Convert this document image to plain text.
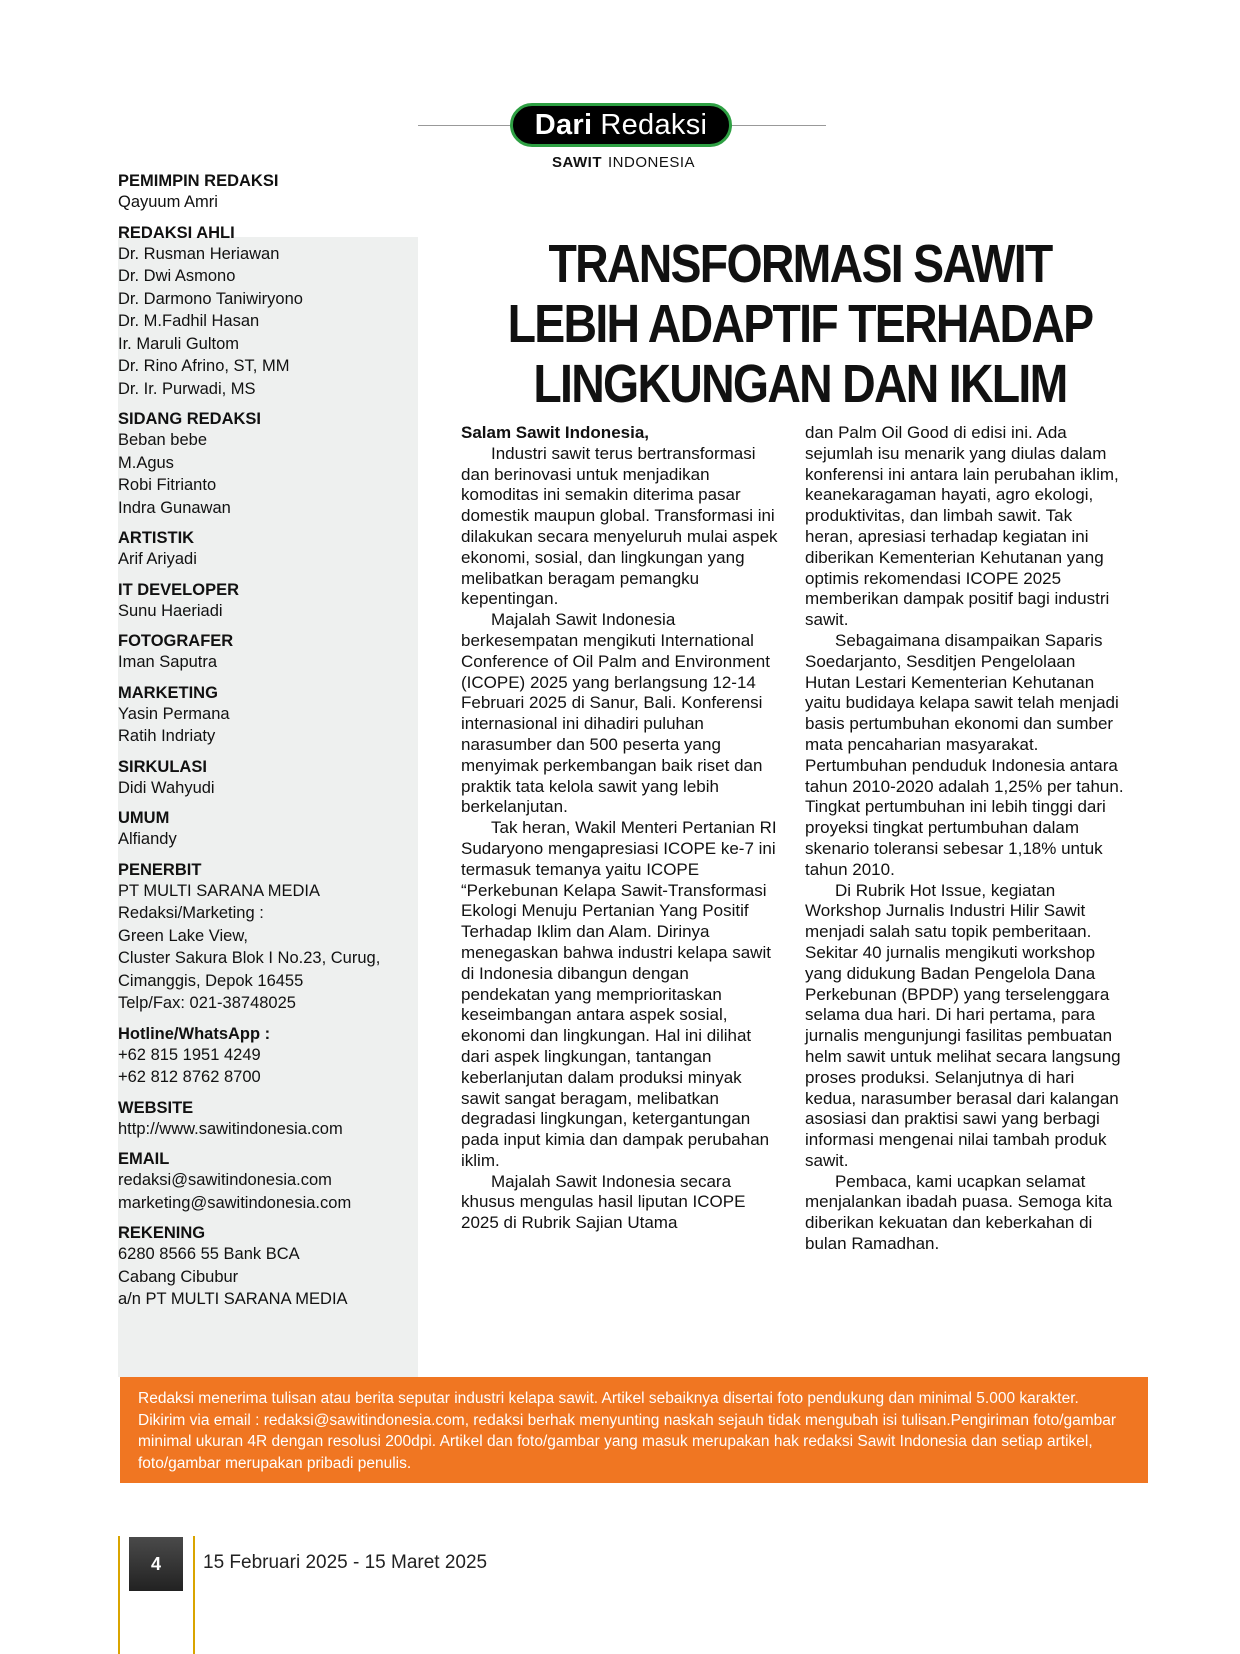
Dari Redaksi
SAWIT INDONESIA
PEMIMPIN REDAKSI
Qayuum Amri
REDAKSI AHLI
Dr. Rusman Heriawan
Dr. Dwi Asmono
Dr. Darmono Taniwiryono
Dr. M.Fadhil Hasan
Ir. Maruli Gultom
Dr. Rino Afrino, ST, MM
Dr. Ir. Purwadi, MS
SIDANG REDAKSI
Beban bebe
M.Agus
Robi Fitrianto
Indra Gunawan
ARTISTIK
Arif Ariyadi
IT DEVELOPER
Sunu Haeriadi
FOTOGRAFER
Iman Saputra
MARKETING
Yasin Permana
Ratih Indriaty
SIRKULASI
Didi Wahyudi
UMUM
Alfiandy
PENERBIT
PT MULTI SARANA MEDIA
Redaksi/Marketing :
Green Lake View,
Cluster Sakura Blok I No.23, Curug,
Cimanggis, Depok 16455
Telp/Fax: 021-38748025
Hotline/WhatsApp :
+62 815 1951 4249
+62 812 8762 8700
WEBSITE
http://www.sawitindonesia.com
EMAIL
redaksi@sawitindonesia.com
marketing@sawitindonesia.com
REKENING
6280 8566 55 Bank BCA
Cabang Cibubur
a/n PT MULTI SARANA MEDIA
TRANSFORMASI SAWIT
LEBIH ADAPTIF TERHADAP
LINGKUNGAN DAN IKLIM

Salam Sawit Indonesia,

Industri sawit terus bertransformasi dan berinovasi untuk menjadikan komoditas ini semakin diterima pasar domestik maupun global. Transformasi ini dilakukan secara menyeluruh mulai aspek ekonomi, sosial, dan lingkungan yang melibatkan beragam pemangku kepentingan.

Majalah Sawit Indonesia berkesempatan mengikuti International Conference of Oil Palm and Environment (ICOPE) 2025 yang berlangsung 12-14 Februari 2025 di Sanur, Bali. Konferensi internasional ini dihadiri puluhan narasumber dan 500 peserta yang menyimak perkembangan baik riset dan praktik tata kelola sawit yang lebih berkelanjutan.

Tak heran, Wakil Menteri Pertanian RI Sudaryono mengapresiasi ICOPE ke-7 ini termasuk temanya yaitu ICOPE “Perkebunan Kelapa Sawit-Transformasi Ekologi Menuju Pertanian Yang Positif Terhadap Iklim dan Alam. Dirinya menegaskan bahwa industri kelapa sawit di Indonesia dibangun dengan pendekatan yang memprioritaskan keseimbangan antara aspek sosial, ekonomi dan lingkungan. Hal ini dilihat dari aspek lingkungan, tantangan keberlanjutan dalam produksi minyak sawit sangat beragam, melibatkan degradasi lingkungan, ketergantungan pada input kimia dan dampak perubahan iklim.

Majalah Sawit Indonesia secara khusus mengulas hasil liputan ICOPE 2025 di Rubrik Sajian Utama

dan Palm Oil Good di edisi ini. Ada sejumlah isu menarik yang diulas dalam konferensi ini antara lain perubahan iklim, keanekaragaman hayati, agro ekologi, produktivitas, dan limbah sawit. Tak heran, apresiasi terhadap kegiatan ini diberikan Kementerian Kehutanan yang optimis rekomendasi ICOPE 2025 memberikan dampak positif bagi industri sawit.

Sebagaimana disampaikan Saparis Soedarjanto, Sesditjen Pengelolaan Hutan Lestari Kementerian Kehutanan yaitu budidaya kelapa sawit telah menjadi basis pertumbuhan ekonomi dan sumber mata pencaharian masyarakat. Pertumbuhan penduduk Indonesia antara tahun 2010-2020 adalah 1,25% per tahun. Tingkat pertumbuhan ini lebih tinggi dari proyeksi tingkat pertumbuhan dalam skenario toleransi sebesar 1,18% untuk tahun 2010.

Di Rubrik Hot Issue, kegiatan Workshop Jurnalis Industri Hilir Sawit menjadi salah satu topik pemberitaan. Sekitar 40 jurnalis mengikuti workshop yang didukung Badan Pengelola Dana Perkebunan (BPDP) yang terselenggara selama dua hari. Di hari pertama, para jurnalis mengunjungi fasilitas pembuatan helm sawit untuk melihat secara langsung proses produksi. Selanjutnya di hari kedua, narasumber berasal dari kalangan asosiasi dan praktisi sawi yang berbagi informasi mengenai nilai tambah produk sawit.

Pembaca, kami ucapkan selamat menjalankan ibadah puasa. Semoga kita diberikan kekuatan dan keberkahan di bulan Ramadhan.

Redaksi menerima tulisan atau berita seputar industri kelapa sawit. Artikel sebaiknya disertai foto pendukung dan minimal 5.000 karakter. Dikirim via email : redaksi@sawitindonesia.com, redaksi berhak menyunting naskah sejauh tidak mengubah isi tulisan.Pengiriman foto/gambar minimal ukuran 4R dengan resolusi 200dpi. Artikel dan foto/gambar yang masuk merupakan hak redaksi Sawit Indonesia dan setiap artikel, foto/gambar merupakan pribadi penulis.
4	15 Februari 2025 - 15 Maret 2025
